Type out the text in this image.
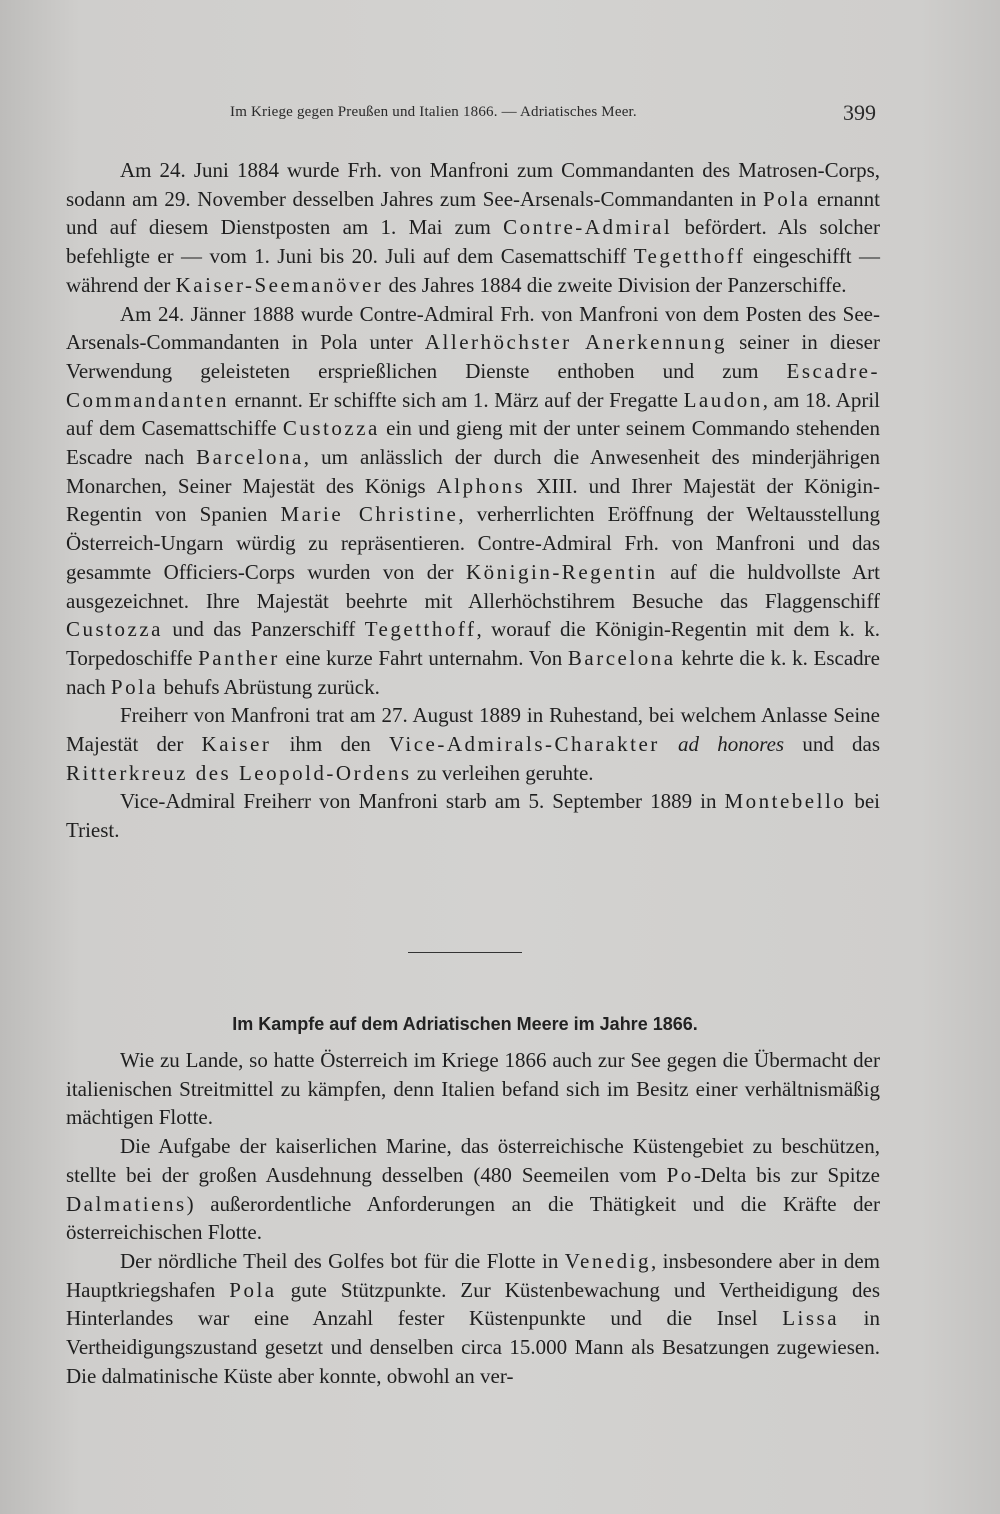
Im Kriege gegen Preußen und Italien 1866. — Adriatisches Meer.	399

Am 24. Juni 1884 wurde Frh. von Manfroni zum Commandanten des Matrosen-Corps, sodann am 29. November desselben Jahres zum See-Arsenals-Commandanten in Pola ernannt und auf diesem Dienstposten am 1. Mai zum Contre-Admiral befördert. Als solcher befehligte er — vom 1. Juni bis 20. Juli auf dem Casemattschiff Tegetthoff eingeschifft — während der Kaiser-Seemanöver des Jahres 1884 die zweite Division der Panzerschiffe.

Am 24. Jänner 1888 wurde Contre-Admiral Frh. von Manfroni von dem Posten des See-Arsenals-Commandanten in Pola unter Allerhöchster Anerkennung seiner in dieser Verwendung geleisteten ersprießlichen Dienste enthoben und zum Escadre-Commandanten ernannt. Er schiffte sich am 1. März auf der Fregatte Laudon, am 18. April auf dem Casemattschiffe Custozza ein und gieng mit der unter seinem Commando stehenden Escadre nach Barcelona, um anlässlich der durch die Anwesenheit des minderjährigen Monarchen, Seiner Majestät des Königs Alphons XIII. und Ihrer Majestät der Königin-Regentin von Spanien Marie Christine, verherrlichten Eröffnung der Weltausstellung Österreich-Ungarn würdig zu repräsentieren. Contre-Admiral Frh. von Manfroni und das gesammte Officiers-Corps wurden von der Königin-Regentin auf die huldvollste Art ausgezeichnet. Ihre Majestät beehrte mit Allerhöchstihrem Besuche das Flaggenschiff Custozza und das Panzerschiff Tegetthoff, worauf die Königin-Regentin mit dem k. k. Torpedoschiffe Panther eine kurze Fahrt unternahm. Von Barcelona kehrte die k. k. Escadre nach Pola behufs Abrüstung zurück.

Freiherr von Manfroni trat am 27. August 1889 in Ruhestand, bei welchem Anlasse Seine Majestät der Kaiser ihm den Vice-Admirals-Charakter ad honores und das Ritterkreuz des Leopold-Ordens zu verleihen geruhte.

Vice-Admiral Freiherr von Manfroni starb am 5. September 1889 in Montebello bei Triest.

Im Kampfe auf dem Adriatischen Meere im Jahre 1866.

Wie zu Lande, so hatte Österreich im Kriege 1866 auch zur See gegen die Übermacht der italienischen Streitmittel zu kämpfen, denn Italien befand sich im Besitz einer verhältnismäßig mächtigen Flotte.

Die Aufgabe der kaiserlichen Marine, das österreichische Küstengebiet zu beschützen, stellte bei der großen Ausdehnung desselben (480 Seemeilen vom Po-Delta bis zur Spitze Dalmatiens) außerordentliche Anforderungen an die Thätigkeit und die Kräfte der österreichischen Flotte.

Der nördliche Theil des Golfes bot für die Flotte in Venedig, insbesondere aber in dem Hauptkriegshafen Pola gute Stützpunkte. Zur Küstenbewachung und Vertheidigung des Hinterlandes war eine Anzahl fester Küstenpunkte und die Insel Lissa in Vertheidigungszustand gesetzt und denselben circa 15.000 Mann als Besatzungen zugewiesen. Die dalmatinische Küste aber konnte, obwohl an ver-
